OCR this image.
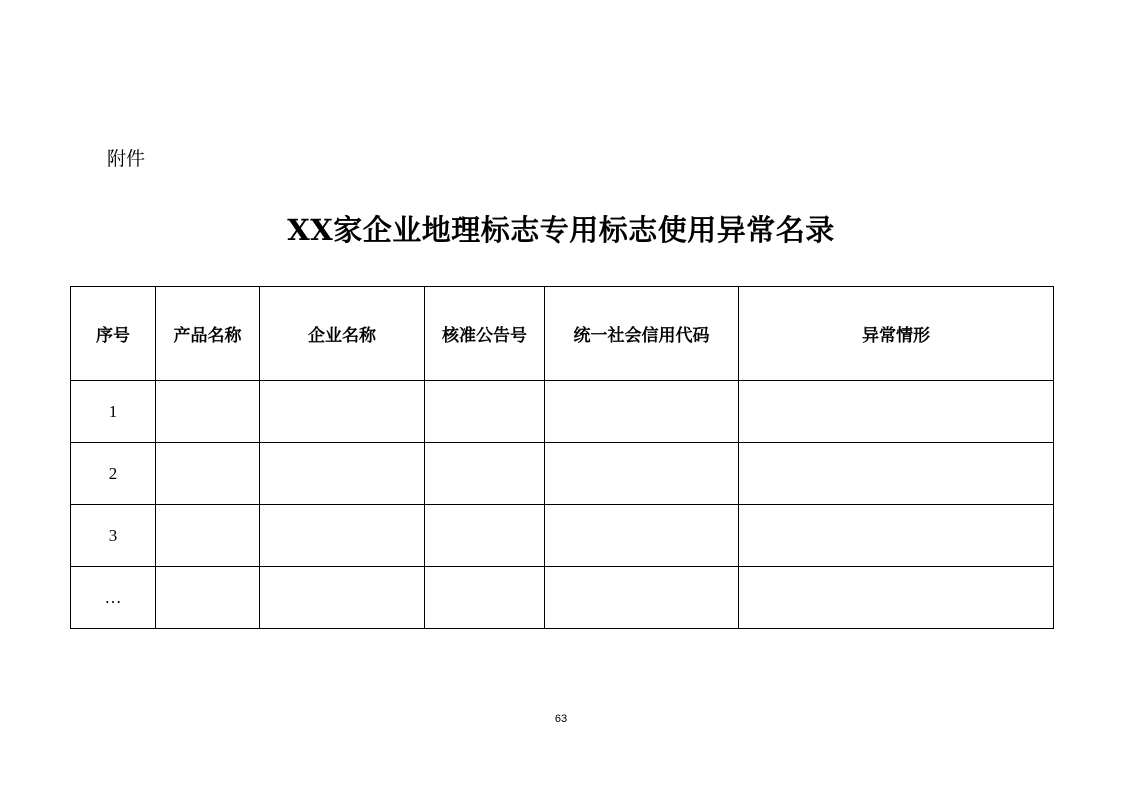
附件
XX家企业地理标志专用标志使用异常名录
序号	产品名称	企业名称	核准公告号	统一社会信用代码	异常情形
1					
2					
3					
…					
63
